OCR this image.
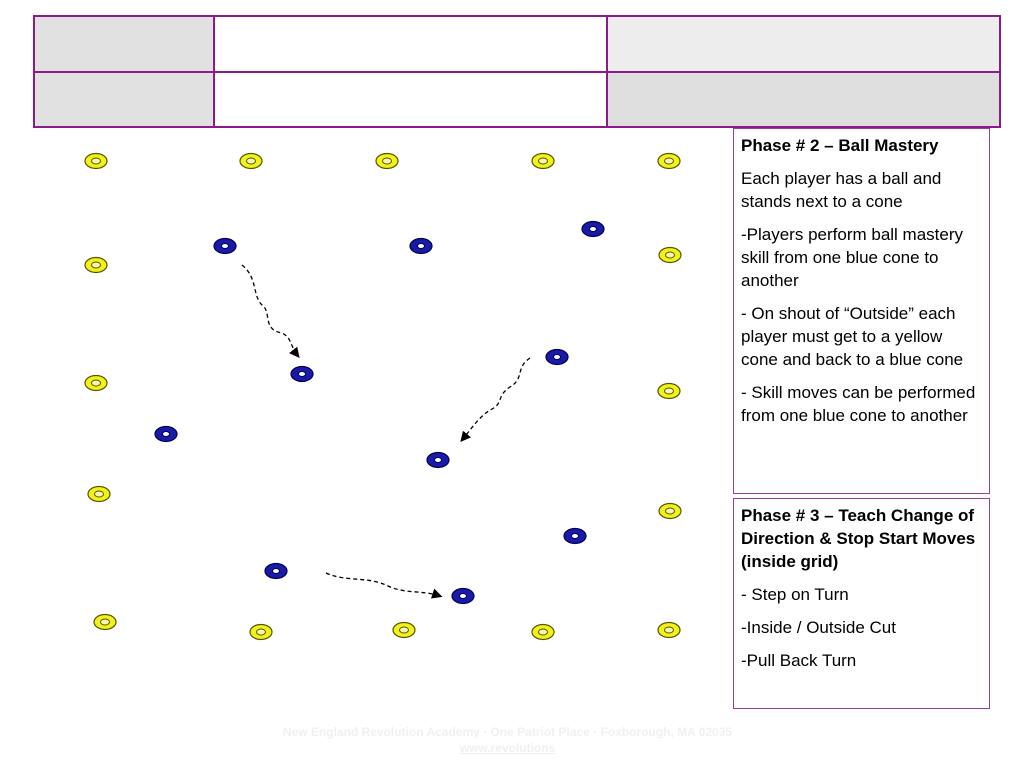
Phase # 2 – Ball Mastery

Each player has a ball and stands next to a cone

-Players perform ball mastery skill from one blue cone to another

- On shout of “Outside” each player must get to a yellow cone and back to a blue cone

- Skill moves can be performed from one blue cone to another

Phase # 3 – Teach Change of Direction & Stop Start Moves (inside grid)

- Step on Turn

-Inside / Outside Cut

-Pull Back Turn

New England Revolution Academy · One Patriot Place · Foxborough, MA 02035
www.revolutions
